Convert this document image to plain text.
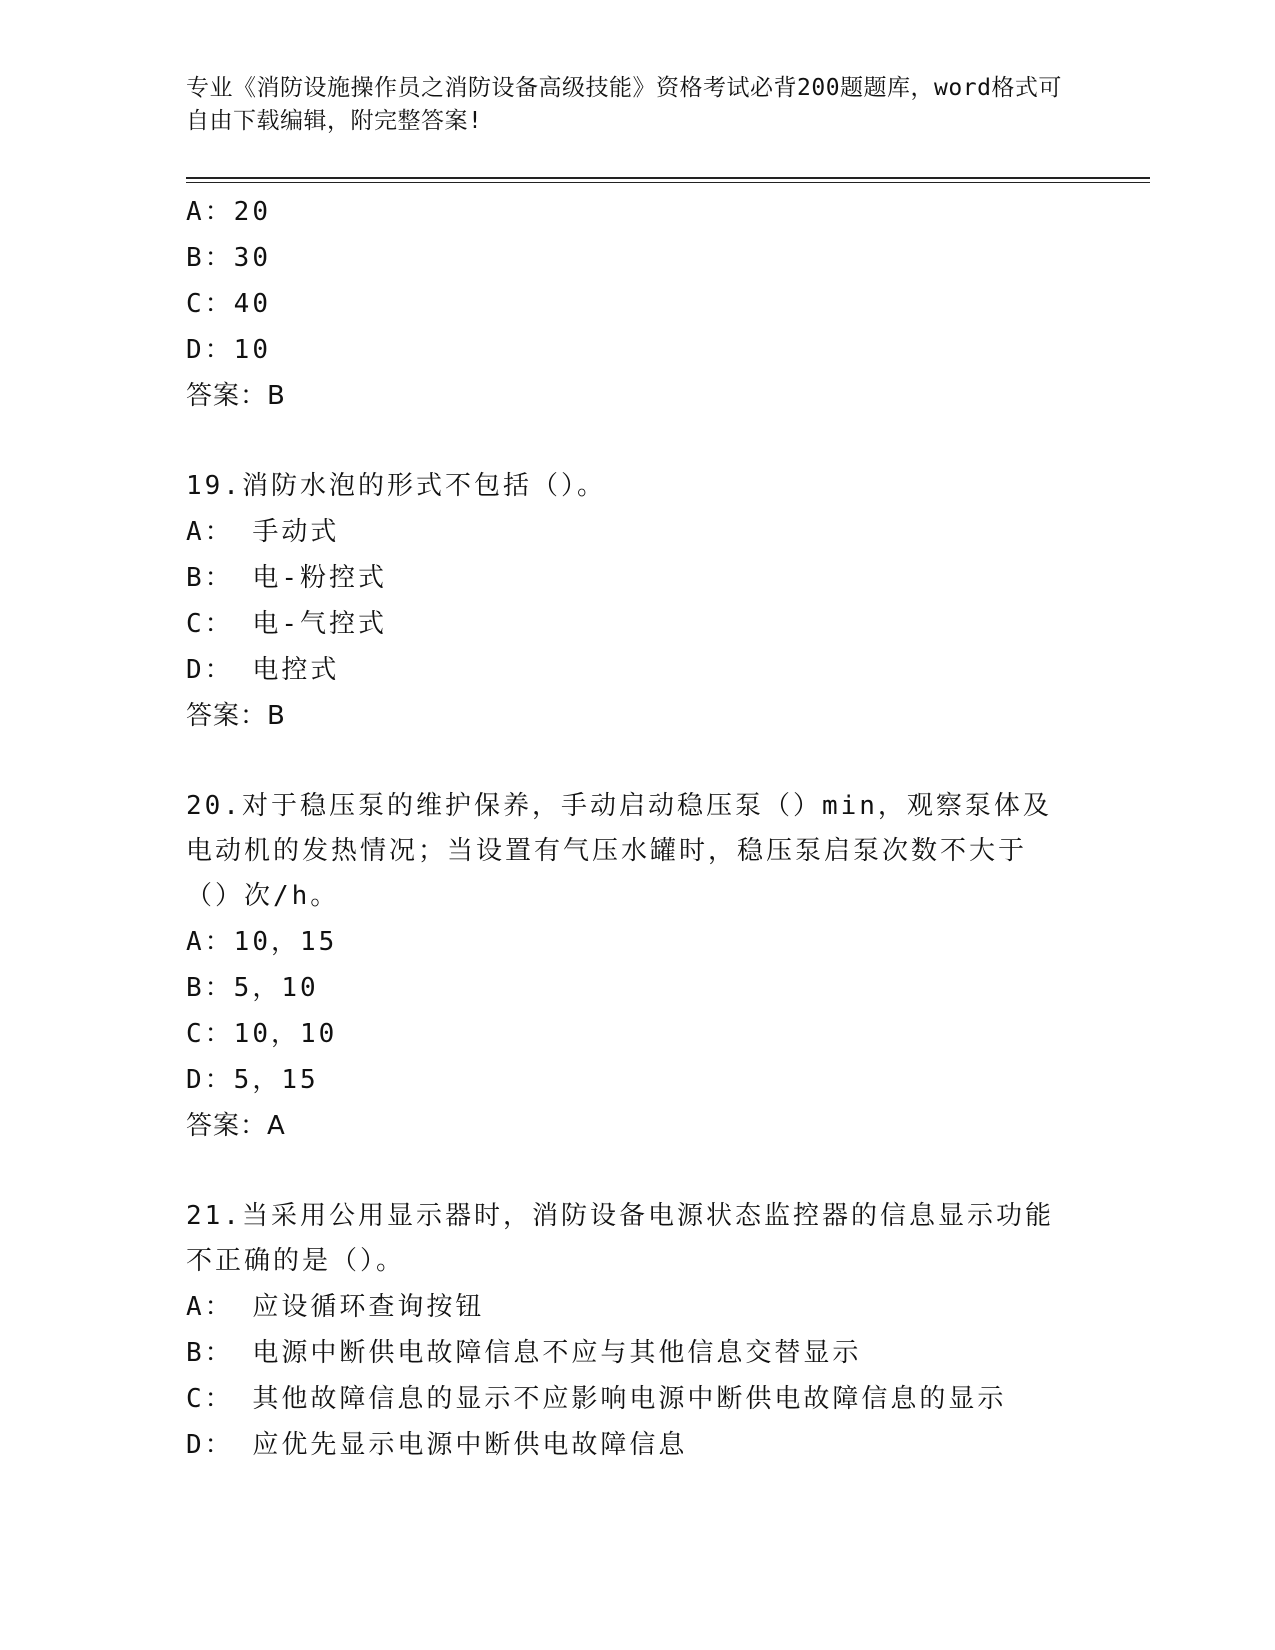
专业《消防设施操作员之消防设备高级技能》资格考试必背200题题库，word格式可自由下载编辑，附完整答案!
A：20
B：30
C：40
D：10
答案：B
19.消防水泡的形式不包括（）。
A： 手动式
B： 电-粉控式
C： 电-气控式
D： 电控式
答案：B
20.对于稳压泵的维护保养，手动启动稳压泵（）min，观察泵体及电动机的发热情况；当设置有气压水罐时，稳压泵启泵次数不大于（）次/h。
A：10，15
B：5，10
C：10，10
D：5，15
答案：A
21.当采用公用显示器时，消防设备电源状态监控器的信息显示功能不正确的是（）。
A： 应设循环查询按钮
B： 电源中断供电故障信息不应与其他信息交替显示
C： 其他故障信息的显示不应影响电源中断供电故障信息的显示
D： 应优先显示电源中断供电故障信息
